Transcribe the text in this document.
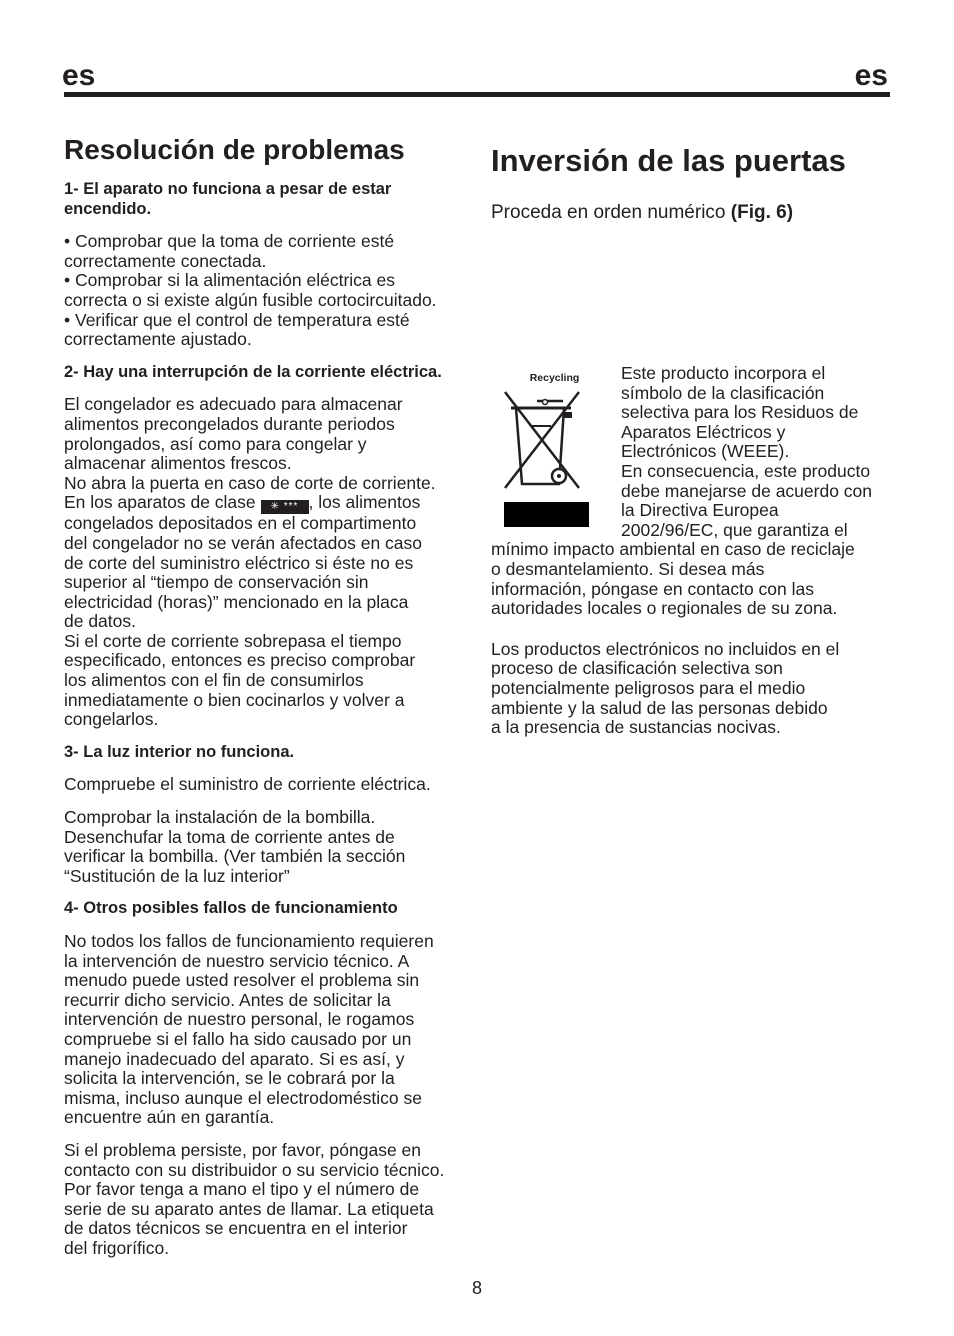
es	es
Resolución de problemas

1- El aparato no funciona a pesar de estar encendido.

• Comprobar que la toma de corriente esté
correctamente conectada.
• Comprobar si la alimentación eléctrica es
correcta o si existe algún fusible cortocircuitado.
• Verificar que el control de temperatura esté
correctamente ajustado.

2- Hay una interrupción de la corriente eléctrica.

El congelador es adecuado para almacenar
alimentos precongelados durante periodos
prolongados, así como para congelar y
almacenar alimentos frescos.
No abra la puerta en caso de corte de corriente.
En los aparatos de clase ✳ *** , los alimentos
congelados depositados en el compartimento
del congelador no se verán afectados en caso
de corte del suministro eléctrico si éste no es
superior al “tiempo de conservación sin
electricidad (horas)” mencionado en la placa
de datos.
Si el corte de corriente sobrepasa el tiempo
especificado, entonces es preciso comprobar
los alimentos con el fin de consumirlos
inmediatamente o bien cocinarlos y volver a
congelarlos.

3- La luz interior no funciona.

Compruebe el suministro de corriente eléctrica.

Comprobar la instalación de la bombilla.
Desenchufar la toma de corriente antes de
verificar la bombilla. (Ver también la sección
“Sustitución de la luz interior”

4- Otros posibles fallos de funcionamiento

No todos los fallos de funcionamiento requieren
la intervención de nuestro servicio técnico. A
menudo puede usted resolver el problema sin
recurrir dicho servicio. Antes de solicitar la
intervención de nuestro personal, le rogamos
compruebe si el fallo ha sido causado por un
manejo inadecuado del aparato. Si es así, y
solicita la intervención, se le cobrará por la
misma, incluso aunque el electrodoméstico se
encuentre aún en garantía.
Si el problema persiste, por favor, póngase en
contacto con su distribuidor o su servicio técnico.
Por favor tenga a mano el tipo y el número de
serie de su aparato antes de llamar. La etiqueta
de datos técnicos se encuentra en el interior
del frigorífico.
Inversión de las puertas
Proceda en orden numérico (Fig. 6)
Recycling	Este producto incorpora el
símbolo de la clasificación
selectiva para los Residuos de
Aparatos Eléctricos y
Electrónicos (WEEE).
En consecuencia, este producto
debe manejarse de acuerdo con
la Directiva Europea
2002/96/EC, que garantiza el
mínimo impacto ambiental en caso de reciclaje
o desmantelamiento. Si desea más
información, póngase en contacto con las
autoridades locales o regionales de su zona.
Los productos electrónicos no incluidos en el
proceso de clasificación selectiva son
potencialmente peligrosos para el medio
ambiente y la salud de las personas debido
a la presencia de sustancias nocivas.
8
